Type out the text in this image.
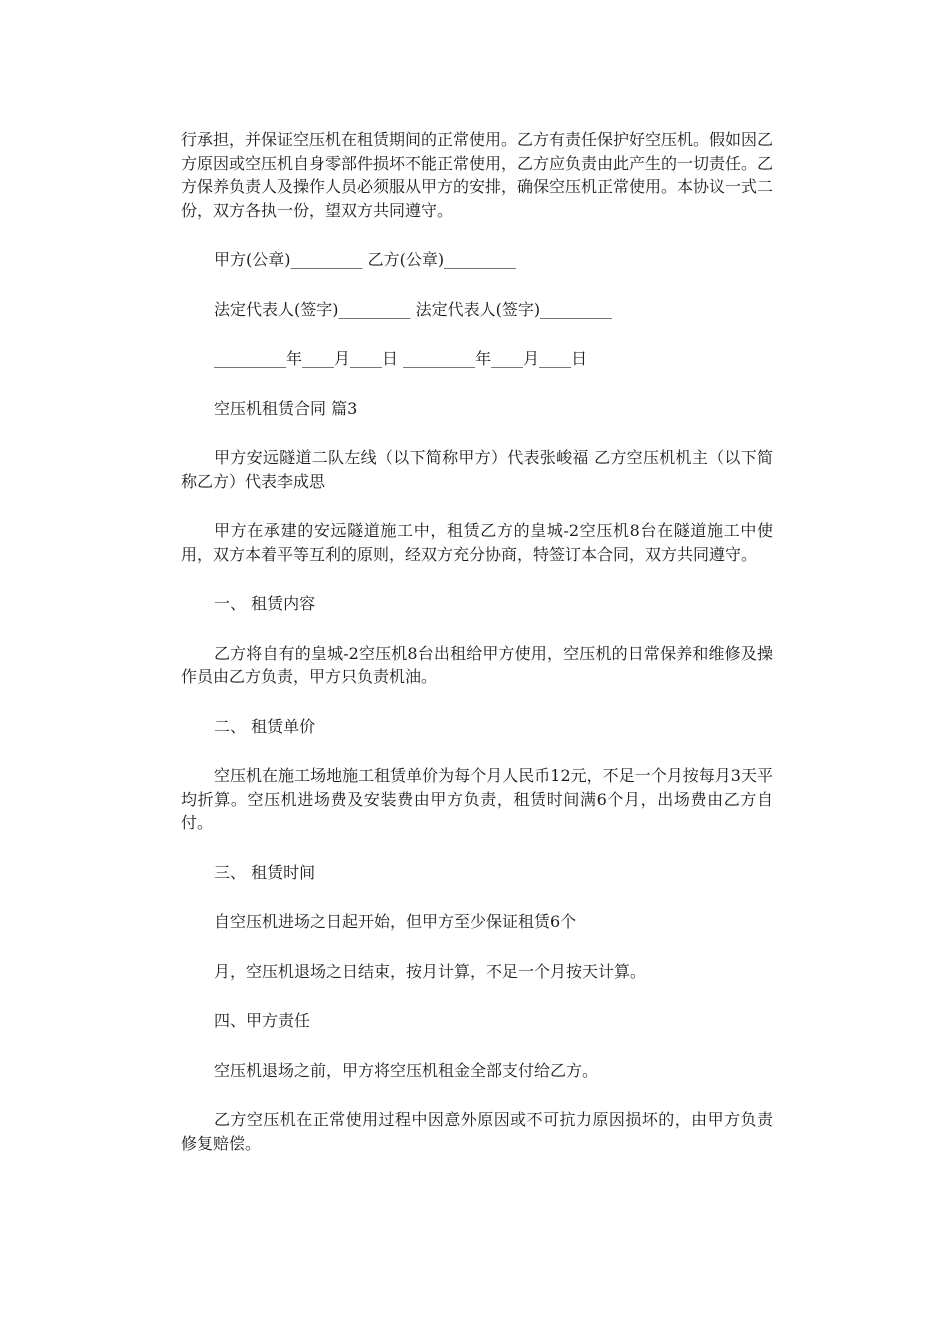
行承担，并保证空压机在租赁期间的正常使用。乙方有责任保护好空压机。假如因乙方原因或空压机自身零部件损坏不能正常使用，乙方应负责由此产生的一切责任。乙方保养负责人及操作人员必须服从甲方的安排，确保空压机正常使用。本协议一式二份，双方各执一份，望双方共同遵守。

甲方(公章)_________ 乙方(公章)_________

法定代表人(签字)_________ 法定代表人(签字)_________

_________年____月____日 _________年____月____日

空压机租赁合同 篇3

甲方安远隧道二队左线（以下简称甲方）代表张峻福 乙方空压机机主（以下简称乙方）代表李成思

甲方在承建的安远隧道施工中，租赁乙方的皇城-2空压机8台在隧道施工中使用，双方本着平等互利的原则，经双方充分协商，特签订本合同，双方共同遵守。

一、 租赁内容

乙方将自有的皇城-2空压机8台出租给甲方使用，空压机的日常保养和维修及操作员由乙方负责，甲方只负责机油。

二、 租赁单价

空压机在施工场地施工租赁单价为每个月人民币12元，不足一个月按每月3天平均折算。空压机进场费及安装费由甲方负责，租赁时间满6个月，出场费由乙方自付。

三、 租赁时间

自空压机进场之日起开始，但甲方至少保证租赁6个

月，空压机退场之日结束，按月计算，不足一个月按天计算。

四、甲方责任

空压机退场之前，甲方将空压机租金全部支付给乙方。

乙方空压机在正常使用过程中因意外原因或不可抗力原因损坏的，由甲方负责修复赔偿。
